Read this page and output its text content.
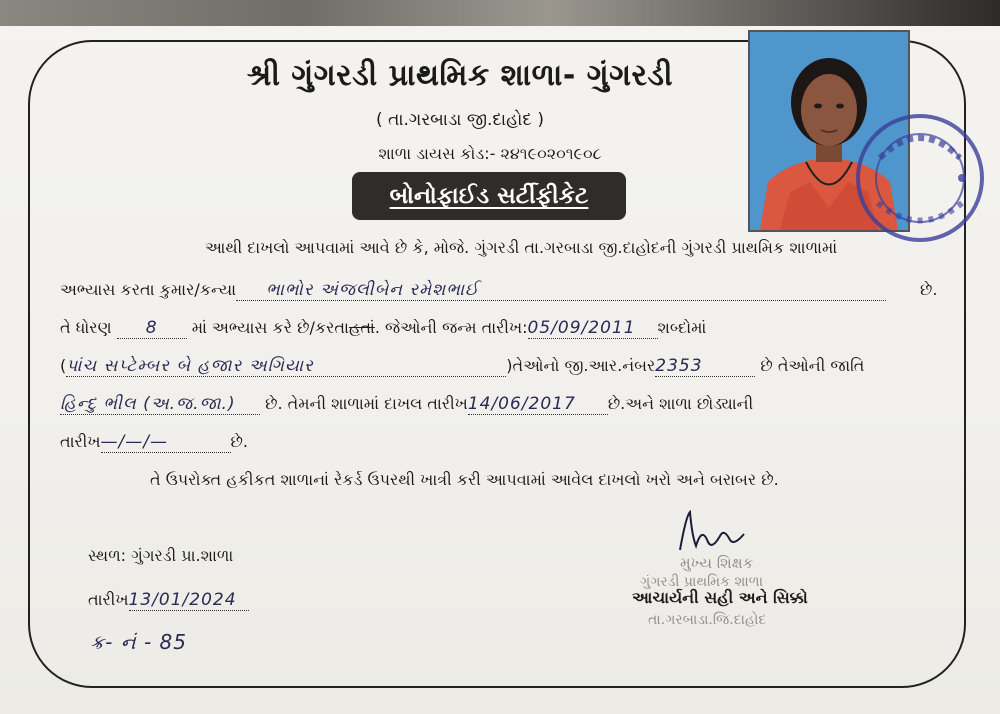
શ્રી ગુંગરડી પ્રાથમિક શાળા- ગુંગરડી
( તા.ગરબાડા જી.દાહોદ )
શાળા ડાયસ કોડ:- ૨૪૧૯૦૨૦૧૯૦૮
બોનોફાઈડ સર્ટીફીકેટ
આથી દાખલો આપવામાં આવે છે કે, મોજે. ગુંગરડી તા.ગરબાડા જી.દાહોદની ગુંગરડી પ્રાથમિક શાળામાં
અભ્યાસ કરતા કુમાર/કન્યા ભાભોર અંજલીબેન રમેશભાઈ	છે.
તે ધોરણ 8 માં અભ્યાસ કરે છે/કરતાહતાં. જેઓની જન્મ તારીખ:05/09/2011 શબ્દોમાં
(પાંચ સપ્ટેમ્બર બે હજાર અગિયાર	)તેઓનો જી.આર.નંબર2353	છે તેઓની જાતિ
હિન્દુ ભીલ (અ.જ.જા.) છે. તેમની શાળામાં દાખલ તારીખ14/06/2017 છે.અને શાળા છોડ્યાની
તારીખ—/—/—	છે.
તે ઉપરોક્ત હકીકત શાળાનાં રેકર્ડ ઉપરથી ખાત્રી કરી આપવામાં આવેલ દાખલો ખરો અને બરાબર છે.
સ્થળ: ગુંગરડી પ્રા.શાળા
તારીખ13/01/2024
ક્ર- નં - 85
મુખ્ય શિક્ષક
ગુંગરડી પ્રાથમિક શાળા
આચાર્યની સહી અને સિક્કો
તા.ગરબાડા.જિ.દાહોદ
